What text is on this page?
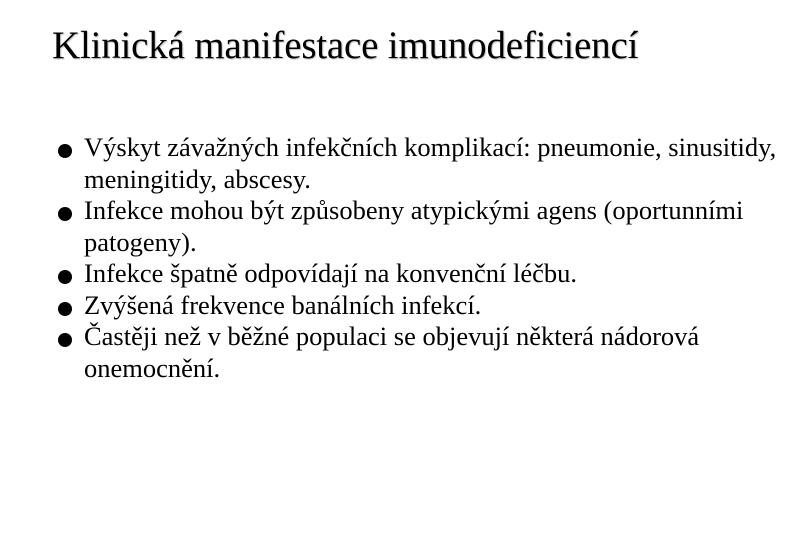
Klinická manifestace imunodeficiencí
Výskyt závažných infekčních komplikací: pneumonie, sinusitidy, meningitidy, abscesy.
Infekce mohou být způsobeny atypickými agens (oportunními patogeny).
Infekce špatně odpovídají na konvenční léčbu.
Zvýšená frekvence banálních infekcí.
Častěji než v běžné populaci se objevují některá nádorová onemocnění.
